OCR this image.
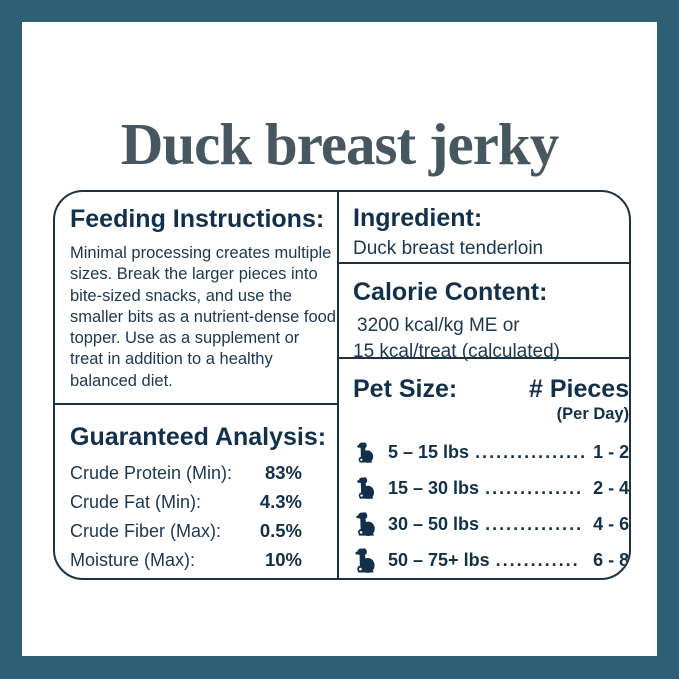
Duck breast jerky
Feeding Instructions:

Minimal processing creates multiple sizes. Break the larger pieces into bite-sized snacks, and use the smaller bits as a nutrient-dense food topper. Use as a supplement or treat in addition to a healthy balanced diet.

Guaranteed Analysis:
Crude Protein (Min): 83%
Crude Fat (Min):	4.3%
Crude Fiber (Max): 0.5%
Moisture (Max):	10%
Ingredient:
Duck breast tenderloin
Calorie Content:
3200 kcal/kg ME or
15 kcal/treat (calculated)
Pet Size:	# Pieces
(Per Day)
5 – 15 lbs ................ 1 - 2
15 – 30 lbs .............. 2 - 4
30 – 50 lbs .............. 4 - 6
50 – 75+ lbs ............ 6 - 8
